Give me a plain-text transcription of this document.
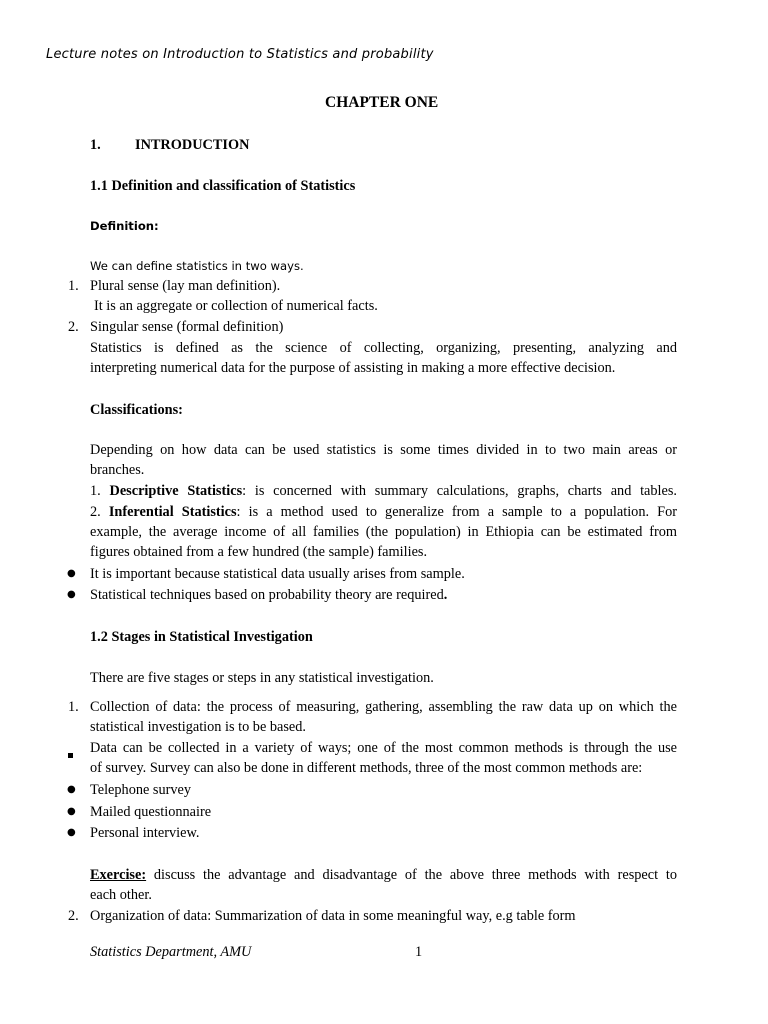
Lecture notes on Introduction to Statistics and probability
CHAPTER ONE
1. INTRODUCTION
1.1 Definition and classification of Statistics
Definition:
We can define statistics in two ways.
1. Plural sense (lay man definition).
It is an aggregate or collection of numerical facts.
2. Singular sense (formal definition)
Statistics is defined as the science of collecting, organizing, presenting, analyzing and
interpreting numerical data for the purpose of assisting in making a more effective decision.
Classifications:
Depending on how data can be used statistics is some times divided in to two main areas or
branches.
1. Descriptive Statistics: is concerned with summary calculations, graphs, charts and tables.
2. Inferential Statistics: is a method used to generalize from a sample to a population. For
example, the average income of all families (the population) in Ethiopia can be estimated from
figures obtained from a few hundred (the sample) families.
● It is important because statistical data usually arises from sample.
● Statistical techniques based on probability theory are required.
1.2 Stages in Statistical Investigation
There are five stages or steps in any statistical investigation.
1. Collection of data: the process of measuring, gathering, assembling the raw data up on which the
statistical investigation is to be based.
Data can be collected in a variety of ways; one of the most common methods is through the use
of survey. Survey can also be done in different methods, three of the most common methods are:
● Telephone survey
● Mailed questionnaire
● Personal interview.
Exercise: discuss the advantage and disadvantage of the above three methods with respect to
each other.
2. Organization of data: Summarization of data in some meaningful way, e.g table form
Statistics Department, AMU	1
